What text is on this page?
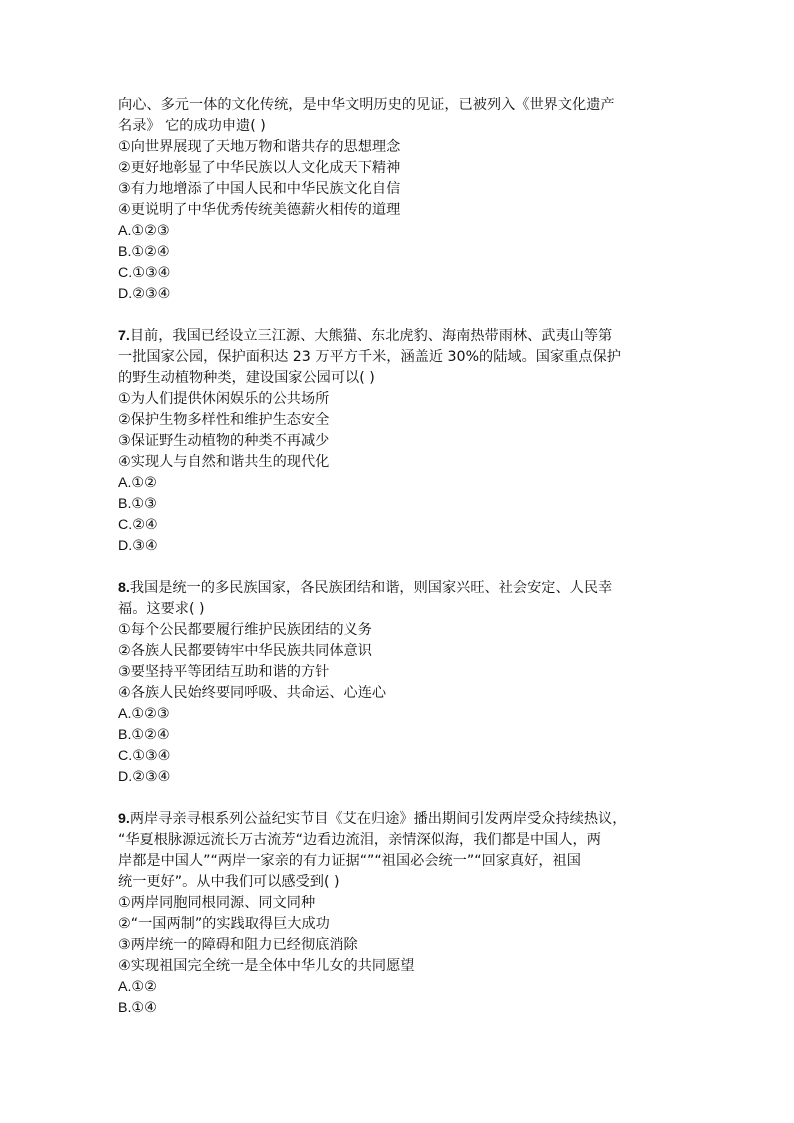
向心、多元一体的文化传统，是中华文明历史的见证，已被列入《世界文化遗产
名录》 它的成功申遗( )
①向世界展现了天地万物和谐共存的思想理念
②更好地彰显了中华民族以人文化成天下精神
③有力地增添了中国人民和中华民族文化自信
④更说明了中华优秀传统美德薪火相传的道理
A.①②③
B.①②④
C.①③④
D.②③④
7.目前，我国已经设立三江源、大熊猫、东北虎豹、海南热带雨林、武夷山等第
一批国家公园，保护面积达 23 万平方千米，涵盖近 30%的陆域。国家重点保护
的野生动植物种类，建设国家公园可以( )
①为人们提供休闲娱乐的公共场所
②保护生物多样性和维护生态安全
③保证野生动植物的种类不再减少
④实现人与自然和谐共生的现代化
A.①②
B.①③
C.②④
D.③④
8.我国是统一的多民族国家，各民族团结和谐，则国家兴旺、社会安定、人民幸
福。这要求( )
①每个公民都要履行维护民族团结的义务
②各族人民都要铸牢中华民族共同体意识
③要坚持平等团结互助和谐的方针
④各族人民始终要同呼吸、共命运、心连心
A.①②③
B.①②④
C.①③④
D.②③④
9.两岸寻亲寻根系列公益纪实节目《艾在归途》播出期间引发两岸受众持续热议，
“华夏根脉源远流长万古流芳“边看边流泪，亲情深似海，我们都是中国人，两
岸都是中国人”“两岸一家亲的有力证据“”“祖国必会统一”“回家真好，祖国
统一更好”。从中我们可以感受到( )
①两岸同胞同根同源、同文同种
②“一国两制”的实践取得巨大成功
③两岸统一的障碍和阻力已经彻底消除
④实现祖国完全统一是全体中华儿女的共同愿望
A.①②
B.①④
